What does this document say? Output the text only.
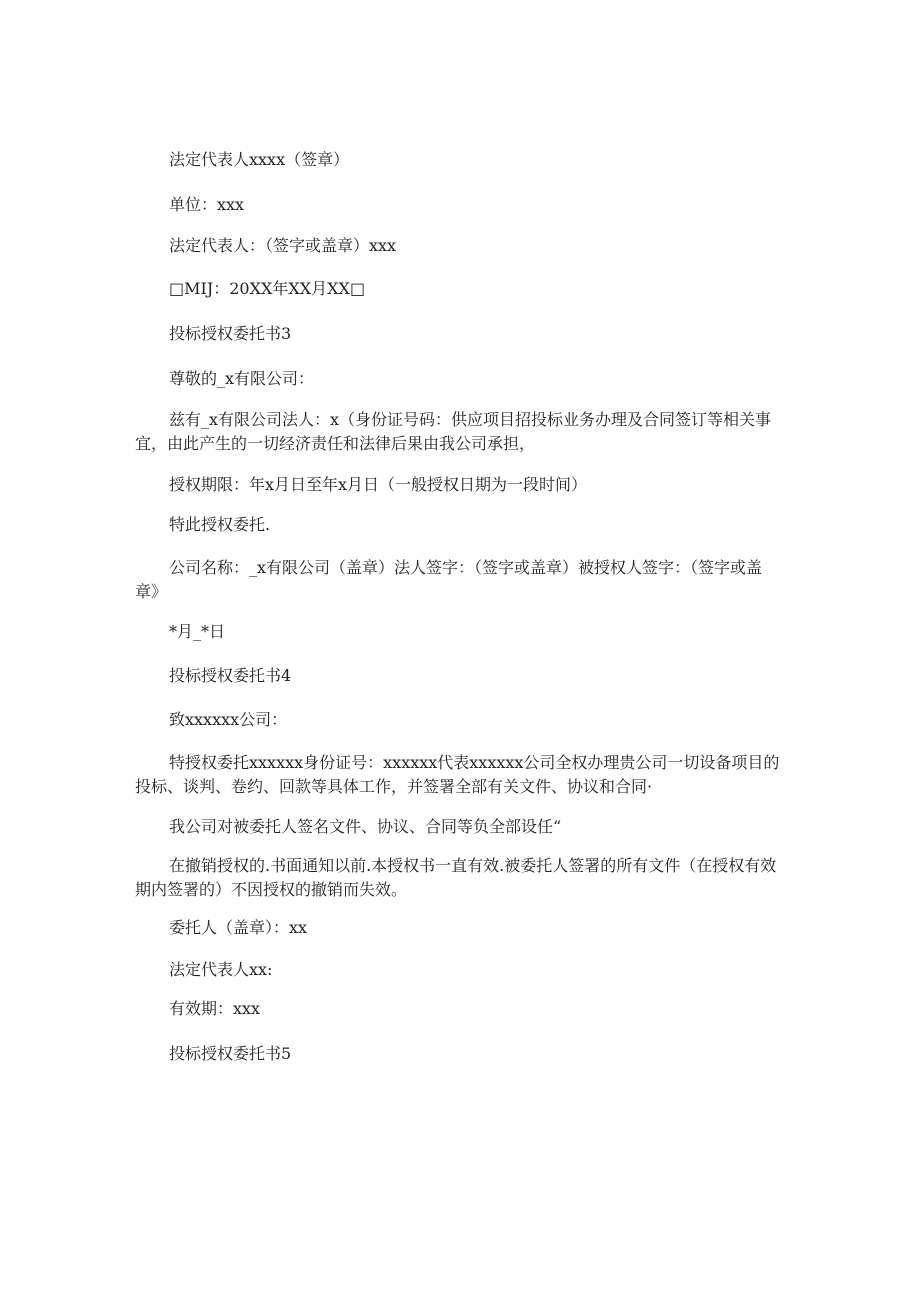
法定代表人xxxx（签章）

单位：xxx

法定代表人：（签字或盖章）xxx

□MIJ：20XX年XX月XX□

投标授权委托书3

尊敬的_x有限公司：

兹有_x有限公司法人：x（身份证号码：供应项目招投标业务办理及合同签订等相关事宜，由此产生的一切经济责任和法律后果由我公司承担，

授权期限：年x月日至年x月日（一般授权日期为一段时间）

特此授权委托.

公司名称：_x有限公司（盖章）法人签字：（签字或盖章）被授权人签字：（签字或盖章》

*月_*日

投标授权委托书4

致xxxxxx公司：

特授权委托xxxxxx身份证号：xxxxxx代表xxxxxx公司全权办理贵公司一切设备项目的投标、谈判、卷约、回款等具体工作，并签署全部有关文件、协议和合同·

我公司对被委托人签名文件、协议、合同等负全部设任“

在撤销授权的.书面通知以前.本授权书一直有效.被委托人签署的所有文件（在授权有效期内签署的）不因授权的撤销而失效。

委托人（盖章）：xx

法定代表人xx:

有效期：xxx

投标授权委托书5
